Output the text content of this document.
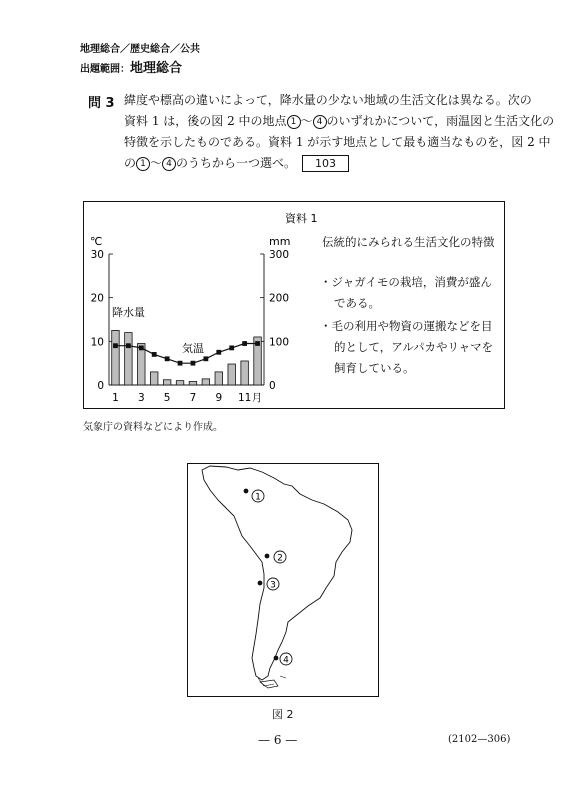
地理総合／歴史総合／公共
出題範囲：地理総合
問 3 緯度や標高の違いによって，降水量の少ない地域の生活文化は異なる。次の
資料 1 は，後の図 2 中の地点 1 ～ 4 のいずれかについて，雨温図と生活文化の
特徴を示したものである。資料 1 が示す地点として最も適当なものを，図 2 中
の 1 ～ 4 のうちから一つ選べ。 103
資料 1
℃	mm
0
10
20
30
0
100
200
300
1 3 5 7 9 11 月
降水量
気温
伝統的にみられる生活文化の特徴
・ジャガイモの栽培，消費が盛ん
である。
・毛の利用や物資の運搬などを目
的として，アルパカやリャマを
飼育している。
気象庁の資料などにより作成。
1
2
3
4
図 2
— 6 —	(2102—306)
